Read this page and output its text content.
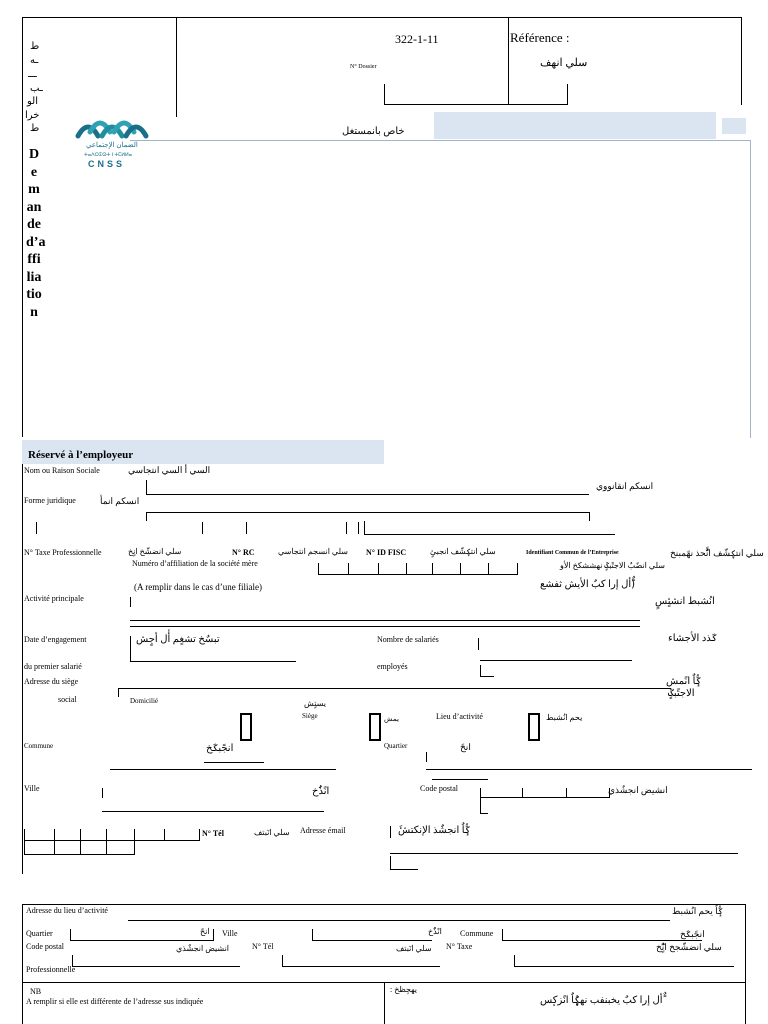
ط
ـه
ـــ
ـب
الو
خرا
ط
322-1-11
N° Dossier
Référence :
سلي انهف
خاص بانمستغل
الضمان الإجتماعي
ⵜⴰⴷⵔⵉⵙⵜ ⵏ ⵜⵎⵍⵍⴰ
CNSS
Demande d’affiliation
Réservé à l’employeur
Nom ou Raison Sociale	السي أ السي انتجاسي
انسكم انقانووي
Forme juridique	انسكم انمأ
N° Taxe Professionnelle	سلي انضشّخ انٍخ	N° RC	سلي انسجم انتجاسي
Numéro d’affiliation de la société mère
N° ID FISC	سلي انتؼشّف انجبئٍ	Identifiant Commun de l’Entreprise	سلي انتؼشّف انًٌّحذ نهًمبنخ
سلي انضًبٌ الاجتًبػٍ نهششكخ الأو
(A remplir dans le cas d’une filiale)	(ًٌأل إرا كبٌ الأيش ثفشع
Activité principale	انُشبط انشئٍسٍ
Date d’engagement	تبسٌخ تشغٍم أٔل أجٍش	Nombre de salariés	ػذد الأجشاء
du premier salarié	employés
Adresse du siège	ػُٕاٌ انًمش
الاجتًبػٍ
social	Domicilié	يستٍش
Siège	يمش	Lieu d’activité	يحم انُشبط
Commune	انجًبػخ	Quartier	انحً
Ville	انًذٌُخ	Code postal	انشيض انجشٌذي
N° Tél	سلي انٓبتف Adresse émail	ػُٕاٌ انجشٌذ الإنكتشَٔ
Adresse du lieu d’activité	ػُٕاٌ يحم انُشبط
Quartier	انحً Ville	انًذٌُخ Commune	انجًبػخ
Code postal	انشيض انجشٌذي	N° Tél	سلي انٓبتف N° Taxe	سلي انضشّجخ انًٍُٓخ
Professionnelle
NB	يهحٕظخ :
A remplir si elle est différente de l’adresse sus indiquée	ًٌأل إرا كبٌ يخبنفب نهؼُٕاٌ انًزكٕس
